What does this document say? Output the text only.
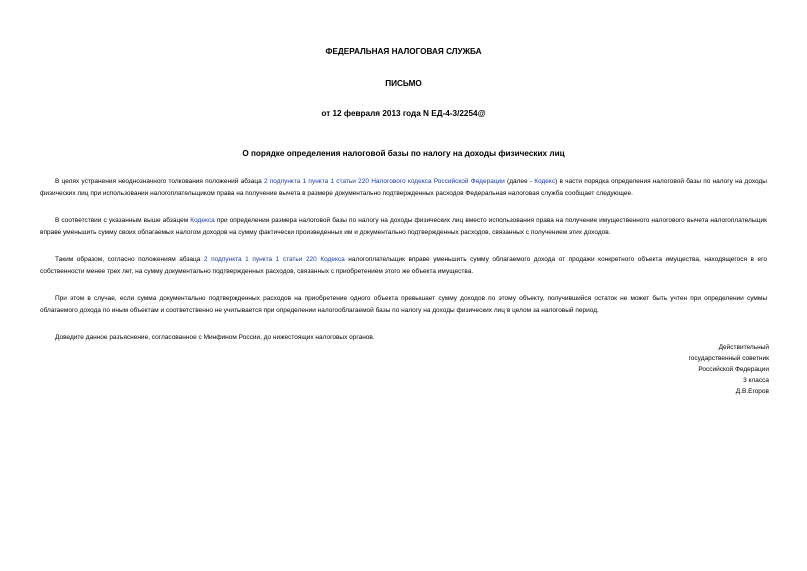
ФЕДЕРАЛЬНАЯ НАЛОГОВАЯ СЛУЖБА
ПИСЬМО
от 12 февраля 2013 года N ЕД-4-3/2254@
О порядке определения налоговой базы по налогу на доходы физических лиц

В целях устранения неоднозначного толкования положений абзаца 2 подпункта 1 пункта 1 статьи 220 Налогового кодекса Российской Федерации (далее - Кодекс) в части порядка определения налоговой базы по налогу на доходы физических лиц при использовании налогоплательщиком права на получение вычета в размере документально подтвержденных расходов Федеральная налоговая служба сообщает следующее.

В соответствии с указанным выше абзацем Кодекса при определении размера налоговой базы по налогу на доходы физических лиц вместо использования права на получение имущественного налогового вычета налогоплательщик вправе уменьшить сумму своих облагаемых налогом доходов на сумму фактически произведенных им и документально подтвержденных расходов, связанных с получением этих доходов.

Таким образом, согласно положениям абзаца 2 подпункта 1 пункта 1 статьи 220 Кодекса налогоплательщик вправе уменьшить сумму облагаемого дохода от продажи конкретного объекта имущества, находящегося в его собственности менее трех лет, на сумму документально подтвержденных расходов, связанных с приобретением этого же объекта имущества.

При этом в случае, если сумма документально подтвержденных расходов на приобретение одного объекта превышает сумму доходов по этому объекту, получившийся остаток не может быть учтен при определении суммы облагаемого дохода по иным объектам и соответственно не учитывается при определении налогооблагаемой базы по налогу на доходы физических лиц в целом за налоговый период.

Доведите данное разъяснение, согласованное с Минфином России, до нижестоящих налоговых органов.

Действительный
государственный советник
Российской Федерации
3 класса
Д.В.Егоров
